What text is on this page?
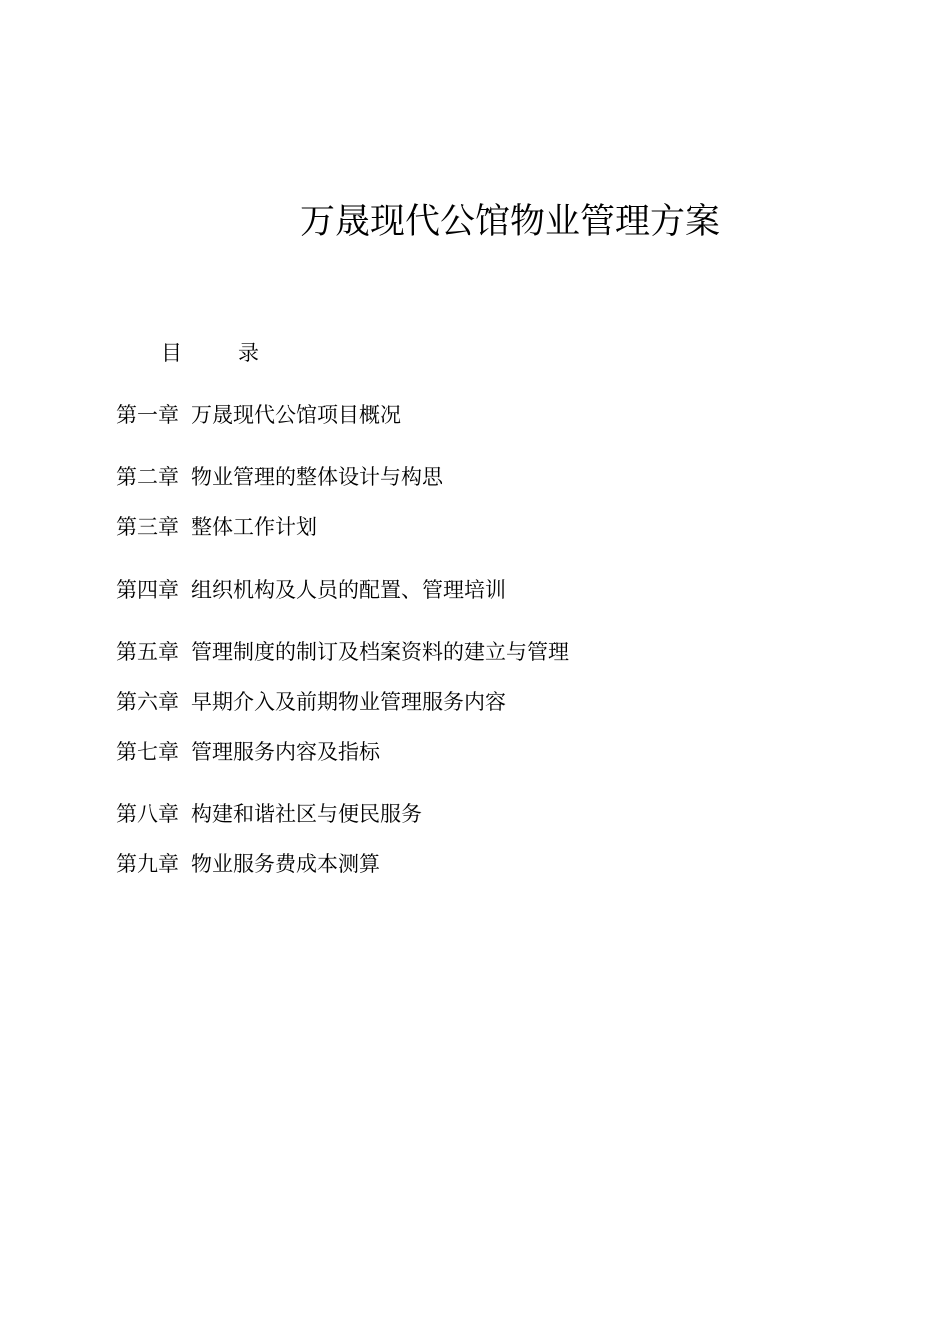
万晟现代公馆物业管理方案
目	录
第一章 万晟现代公馆项目概况
第二章 物业管理的整体设计与构思
第三章 整体工作计划
第四章 组织机构及人员的配置、管理培训
第五章 管理制度的制订及档案资料的建立与管理
第六章 早期介入及前期物业管理服务内容
第七章 管理服务内容及指标
第八章 构建和谐社区与便民服务
第九章 物业服务费成本测算
